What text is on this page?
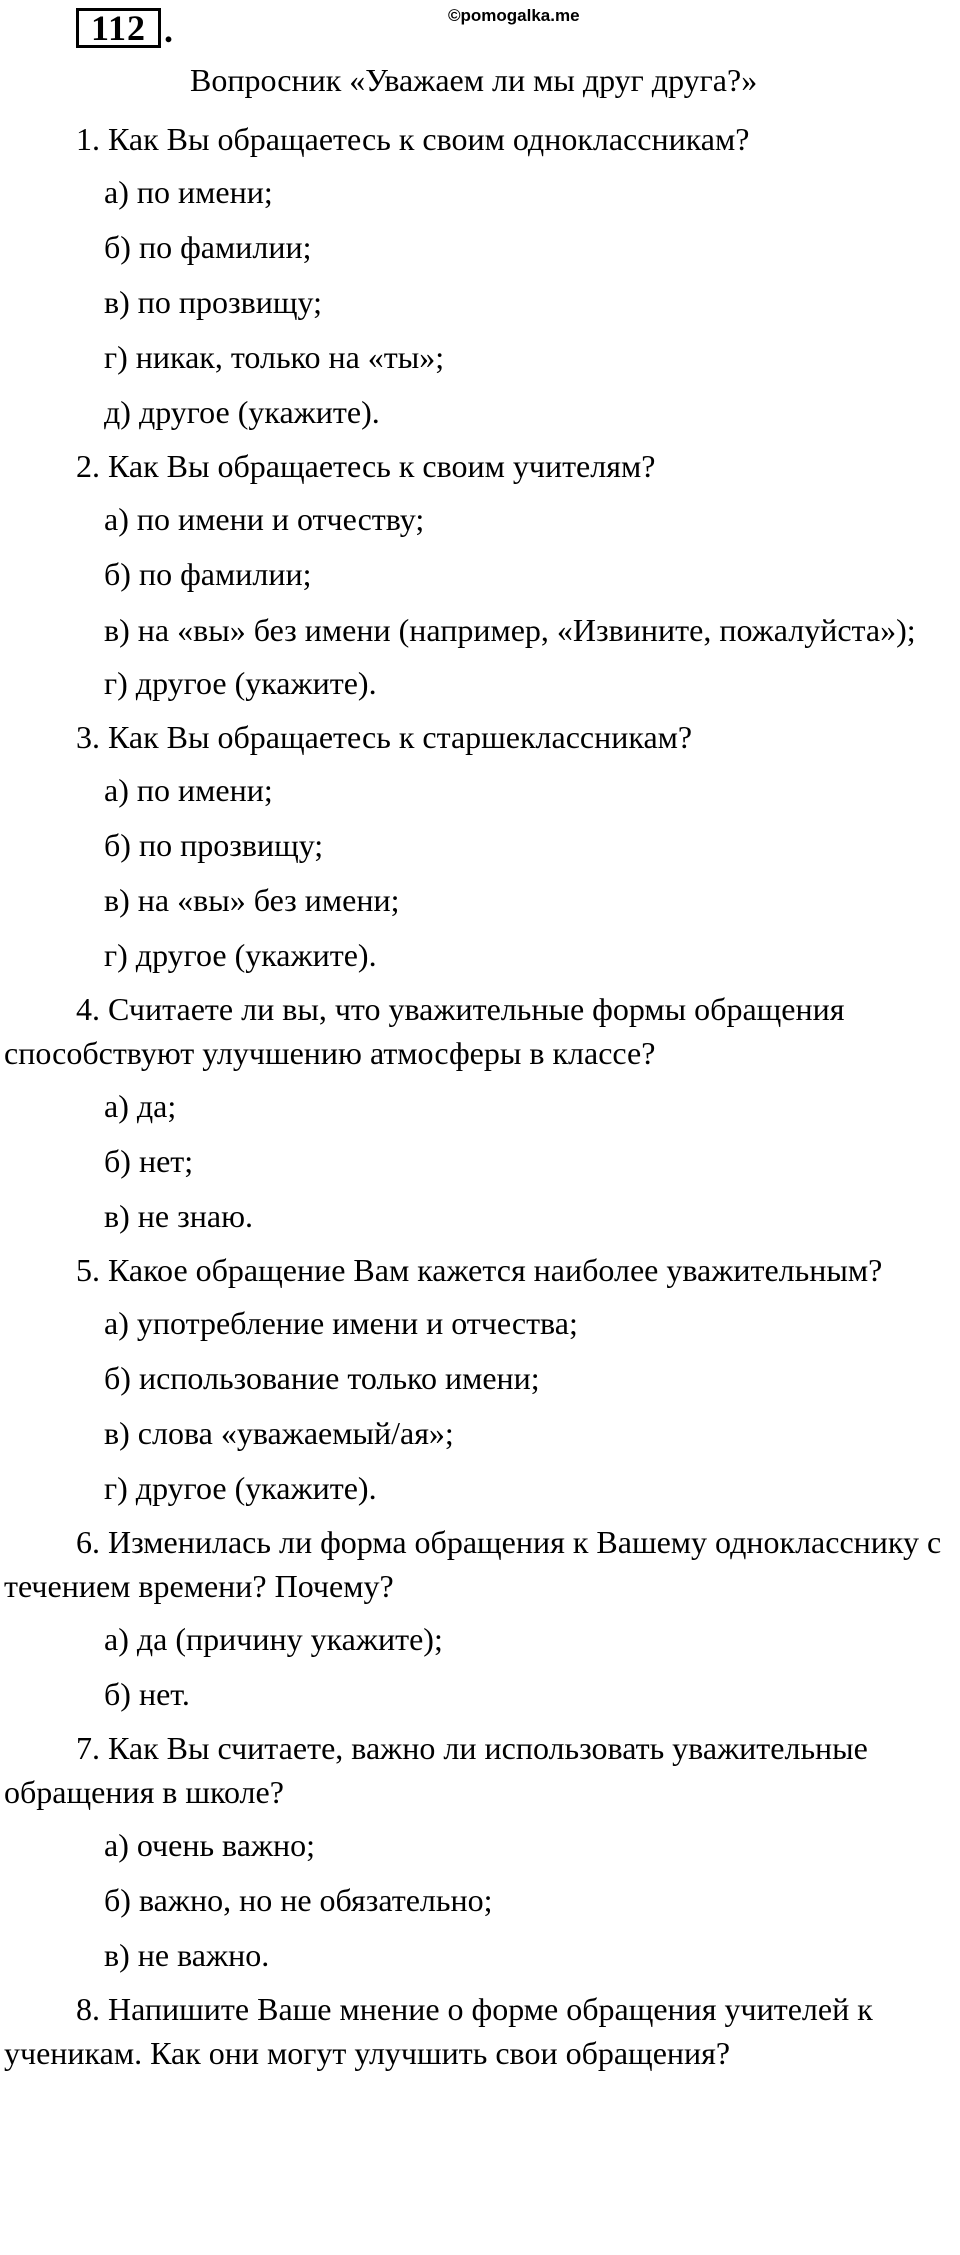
112 .	©pomogalka.me
Вопросник «Уважаем ли мы друг друга?»
1. Как Вы обращаетесь к своим одноклассникам?
а) по имени;
б) по фамилии;
в) по прозвищу;
г) никак, только на «ты»;
д) другое (укажите).
2. Как Вы обращаетесь к своим учителям?
а) по имени и отчеству;
б) по фамилии;
в) на «вы» без имени (например, «Извините, пожалуйста»);
г) другое (укажите).
3. Как Вы обращаетесь к старшеклассникам?
а) по имени;
б) по прозвищу;
в) на «вы» без имени;
г) другое (укажите).
4. Считаете ли вы, что уважительные формы обращения способствуют улучшению атмосферы в классе?
а) да;
б) нет;
в) не знаю.
5. Какое обращение Вам кажется наиболее уважительным?
а) употребление имени и отчества;
б) использование только имени;
в) слова «уважаемый/ая»;
г) другое (укажите).
6. Изменилась ли форма обращения к Вашему однокласснику с течением времени? Почему?
а) да (причину укажите);
б) нет.
7. Как Вы считаете, важно ли использовать уважительные обращения в школе?
а) очень важно;
б) важно, но не обязательно;
в) не важно.
8. Напишите Ваше мнение о форме обращения учителей к ученикам. Как они могут улучшить свои обращения?
